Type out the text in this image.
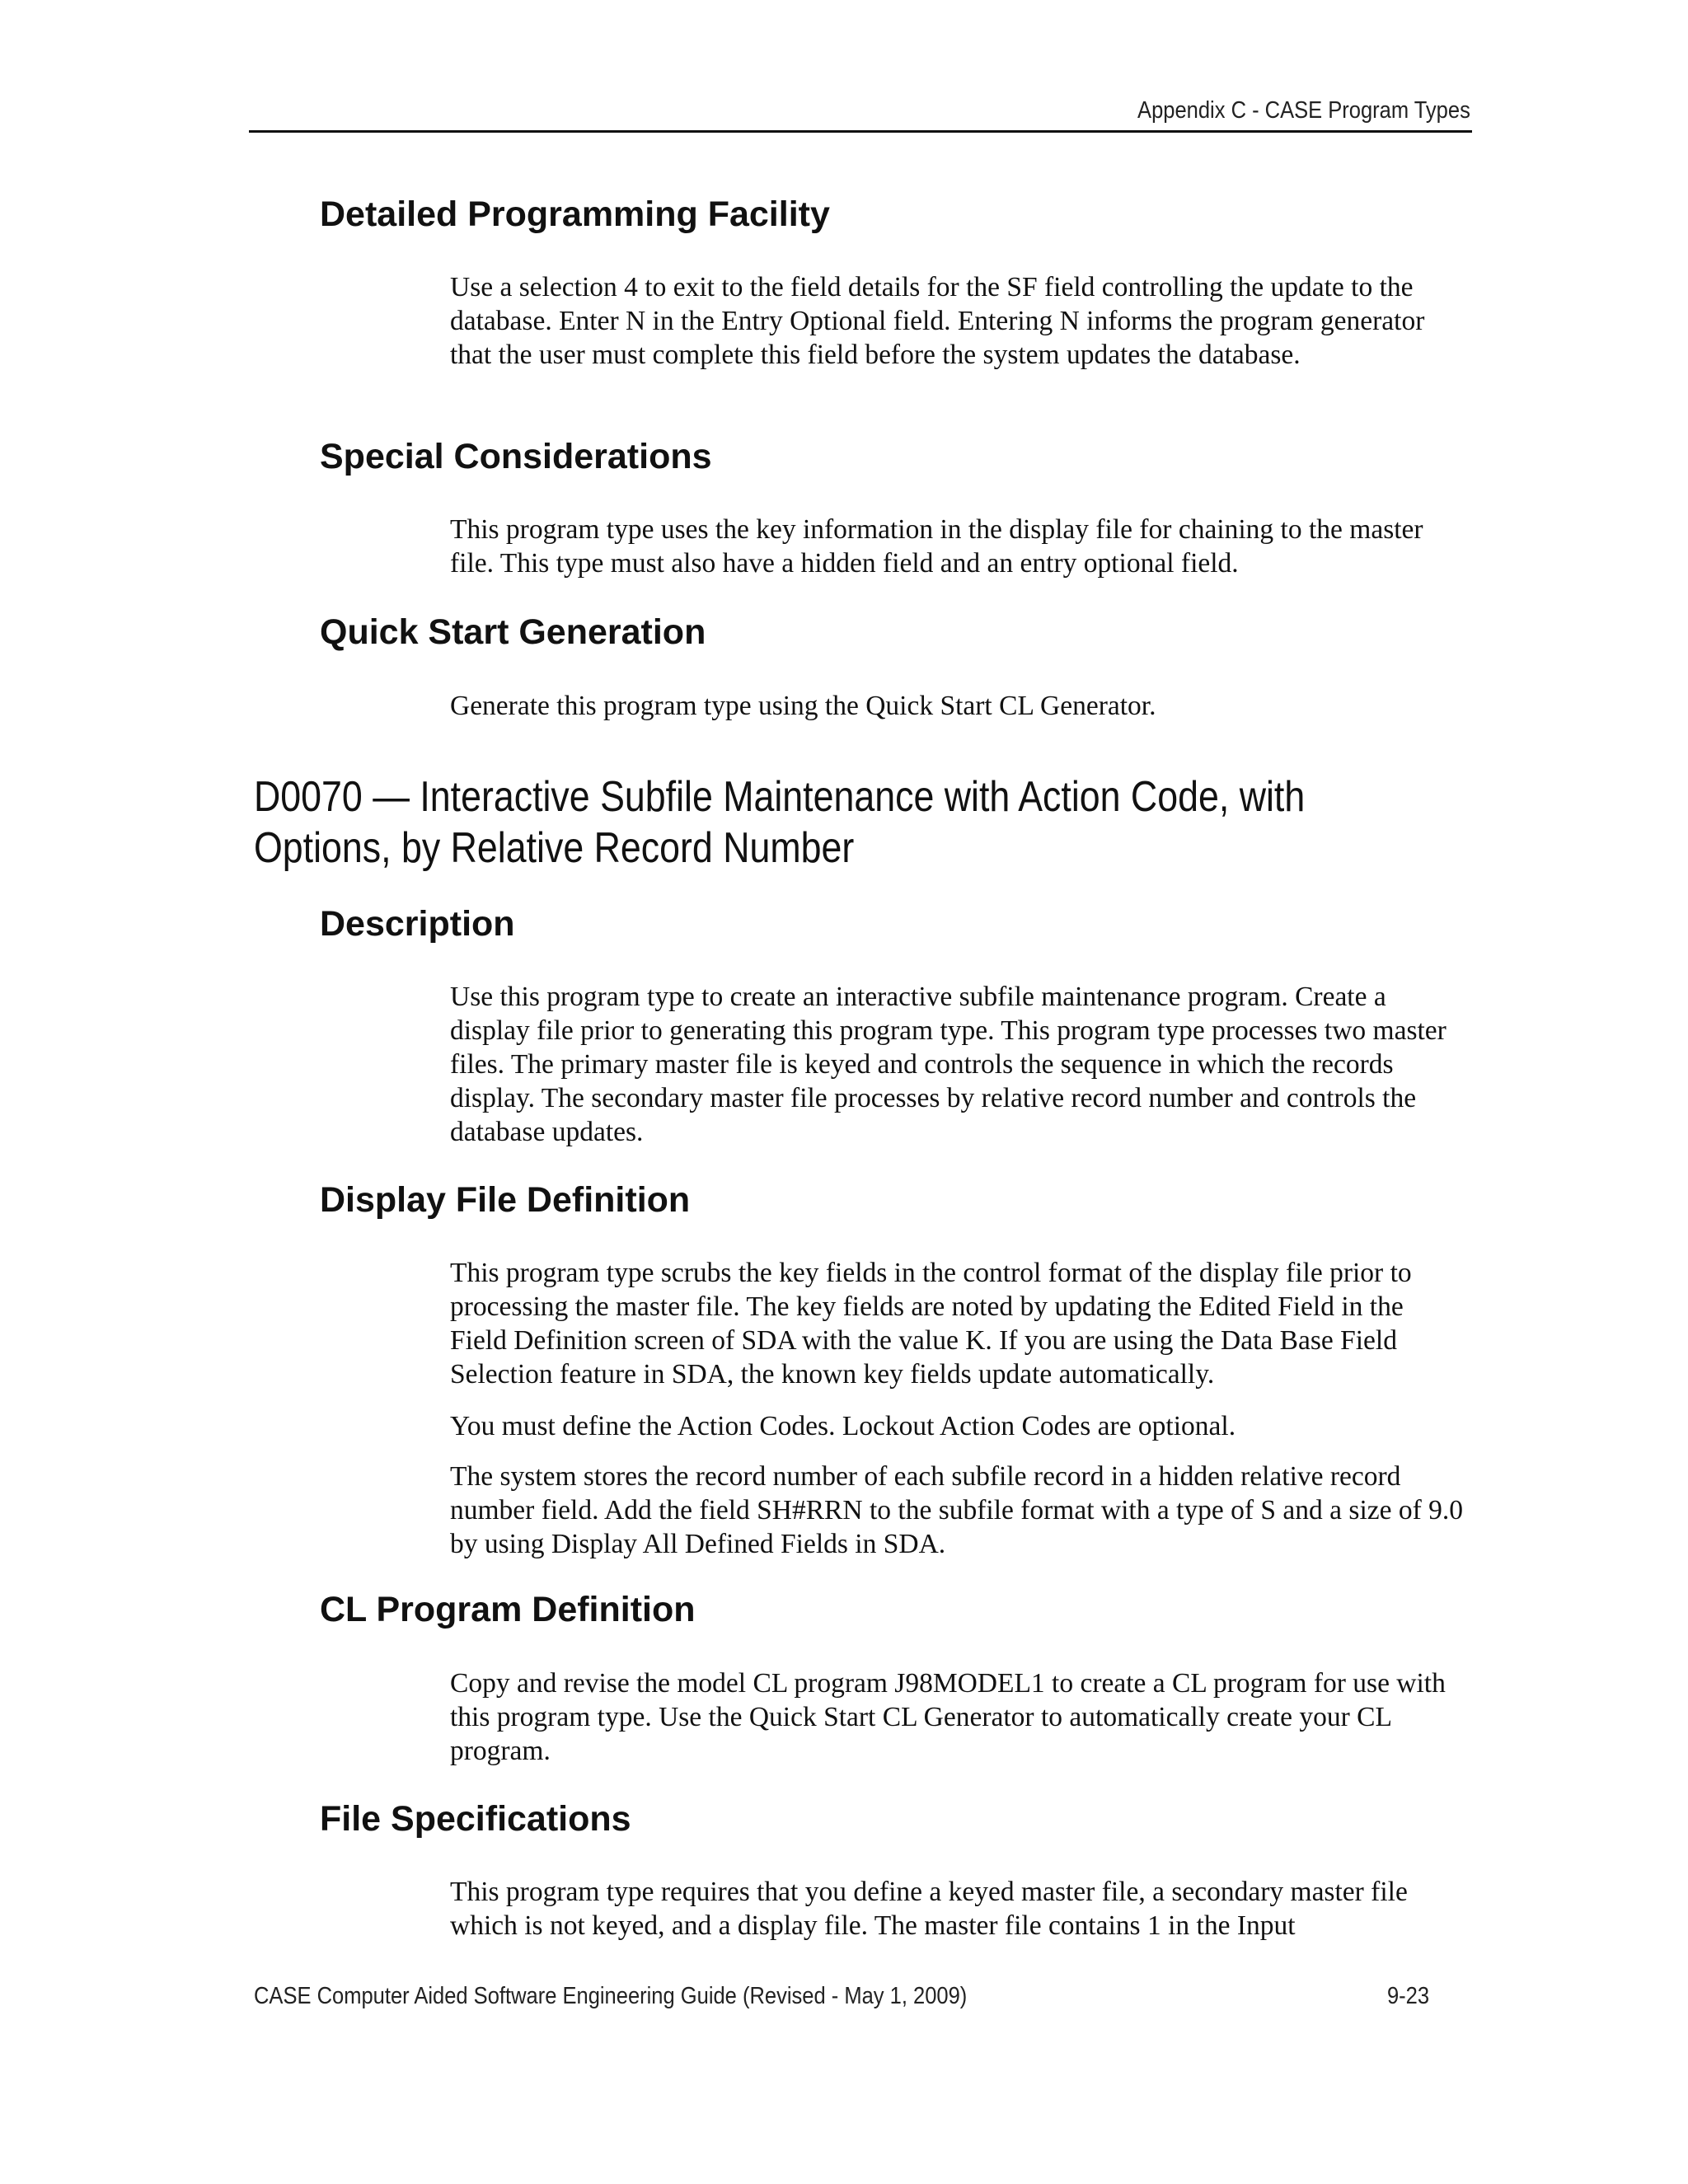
Appendix C - CASE Program Types
Detailed Programming Facility

Use a selection 4 to exit to the field details for the SF field controlling the update to the database. Enter N in the Entry Optional field. Entering N informs the program generator that the user must complete this field before the system updates the database.

Special Considerations

This program type uses the key information in the display file for chaining to the master file. This type must also have a hidden field and an entry optional field.

Quick Start Generation

Generate this program type using the Quick Start CL Generator.

D0070 — Interactive Subfile Maintenance with Action Code, with
Options, by Relative Record Number
Description

Use this program type to create an interactive subfile maintenance program. Create a display file prior to generating this program type. This program type processes two master files. The primary master file is keyed and controls the sequence in which the records display. The secondary master file processes by relative record number and controls the database updates.

Display File Definition

This program type scrubs the key fields in the control format of the display file prior to processing the master file. The key fields are noted by updating the Edited Field in the Field Definition screen of SDA with the value K. If you are using the Data Base Field Selection feature in SDA, the known key fields update automatically.

You must define the Action Codes. Lockout Action Codes are optional.

The system stores the record number of each subfile record in a hidden relative record number field. Add the field SH#RRN to the subfile format with a type of S and a size of 9.0 by using Display All Defined Fields in SDA.

CL Program Definition

Copy and revise the model CL program J98MODEL1 to create a CL program for use with this program type. Use the Quick Start CL Generator to automatically create your CL program.

File Specifications

This program type requires that you define a keyed master file, a secondary master file which is not keyed, and a display file. The master file contains 1 in the Input

CASE Computer Aided Software Engineering Guide (Revised - May 1, 2009)	9-23
